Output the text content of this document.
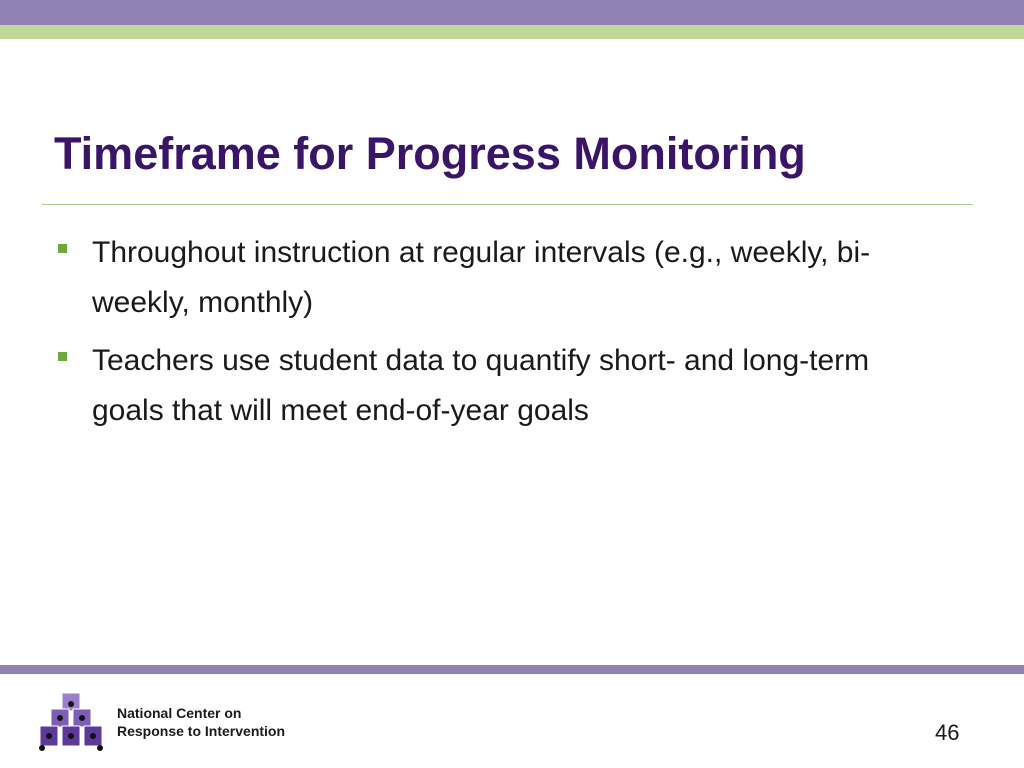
Timeframe for Progress Monitoring
Throughout instruction at regular intervals (e.g., weekly, bi-weekly, monthly)
Teachers use student data to quantify short- and long-term goals that will meet end-of-year goals
National Center on
Response to Intervention	46
